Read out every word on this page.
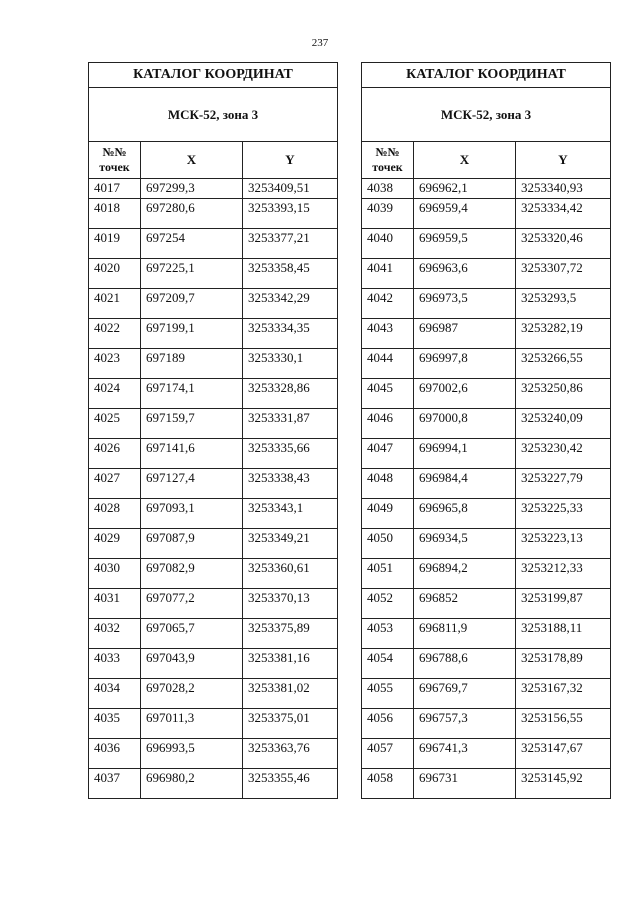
237
КАТАЛОГ КООРДИНАТ		
МСК-52, зона 3		

№№
точек	X	Y
4017	697299,3	3253409,51
4018	697280,6	3253393,15
4019	697254	3253377,21
4020	697225,1	3253358,45
4021	697209,7	3253342,29
4022	697199,1	3253334,35
4023	697189	3253330,1
4024	697174,1	3253328,86
4025	697159,7	3253331,87
4026	697141,6	3253335,66
4027	697127,4	3253338,43
4028	697093,1	3253343,1
4029	697087,9	3253349,21
4030	697082,9	3253360,61
4031	697077,2	3253370,13
4032	697065,7	3253375,89
4033	697043,9	3253381,16
4034	697028,2	3253381,02
4035	697011,3	3253375,01
4036	696993,5	3253363,76
4037	696980,2	3253355,46
КАТАЛОГ КООРДИНАТ		
МСК-52, зона 3		

№№
точек	X	Y
4038	696962,1	3253340,93
4039	696959,4	3253334,42
4040	696959,5	3253320,46
4041	696963,6	3253307,72
4042	696973,5	3253293,5
4043	696987	3253282,19
4044	696997,8	3253266,55
4045	697002,6	3253250,86
4046	697000,8	3253240,09
4047	696994,1	3253230,42
4048	696984,4	3253227,79
4049	696965,8	3253225,33
4050	696934,5	3253223,13
4051	696894,2	3253212,33
4052	696852	3253199,87
4053	696811,9	3253188,11
4054	696788,6	3253178,89
4055	696769,7	3253167,32
4056	696757,3	3253156,55
4057	696741,3	3253147,67
4058	696731	3253145,92
